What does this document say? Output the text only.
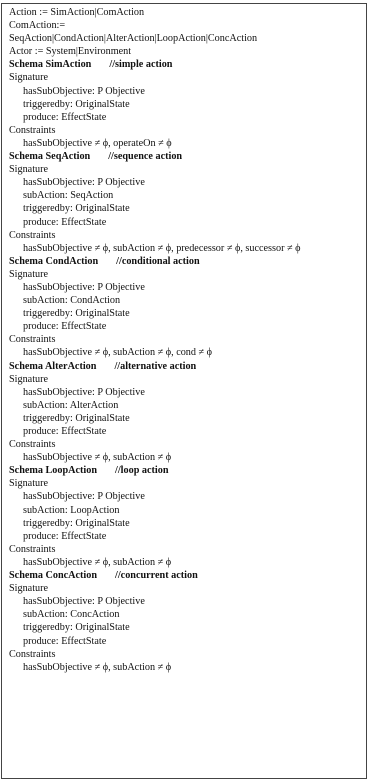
Action := SimAction|ComAction
ComAction:=
SeqAction|CondAction|AlterAction|LoopAction|ConcAction
Actor := System|Environment
Schema SimAction //simple action
Signature
hasSubObjective: P Objective
triggeredby: OriginalState
produce: EffectState
Constraints
hasSubObjective ≠ ϕ, operateOn ≠ ϕ
Schema SeqAction //sequence action
Signature
hasSubObjective: P Objective
subAction: SeqAction
triggeredby: OriginalState
produce: EffectState
Constraints
hasSubObjective ≠ ϕ, subAction ≠ ϕ, predecessor ≠ ϕ, successor ≠ ϕ
Schema CondAction //conditional action
Signature
hasSubObjective: P Objective
subAction: CondAction
triggeredby: OriginalState
produce: EffectState
Constraints
hasSubObjective ≠ ϕ, subAction ≠ ϕ, cond ≠ ϕ
Schema AlterAction //alternative action
Signature
hasSubObjective: P Objective
subAction: AlterAction
triggeredby: OriginalState
produce: EffectState
Constraints
hasSubObjective ≠ ϕ, subAction ≠ ϕ
Schema LoopAction //loop action
Signature
hasSubObjective: P Objective
subAction: LoopAction
triggeredby: OriginalState
produce: EffectState
Constraints
hasSubObjective ≠ ϕ, subAction ≠ ϕ
Schema ConcAction //concurrent action
Signature
hasSubObjective: P Objective
subAction: ConcAction
triggeredby: OriginalState
produce: EffectState
Constraints
hasSubObjective ≠ ϕ, subAction ≠ ϕ
